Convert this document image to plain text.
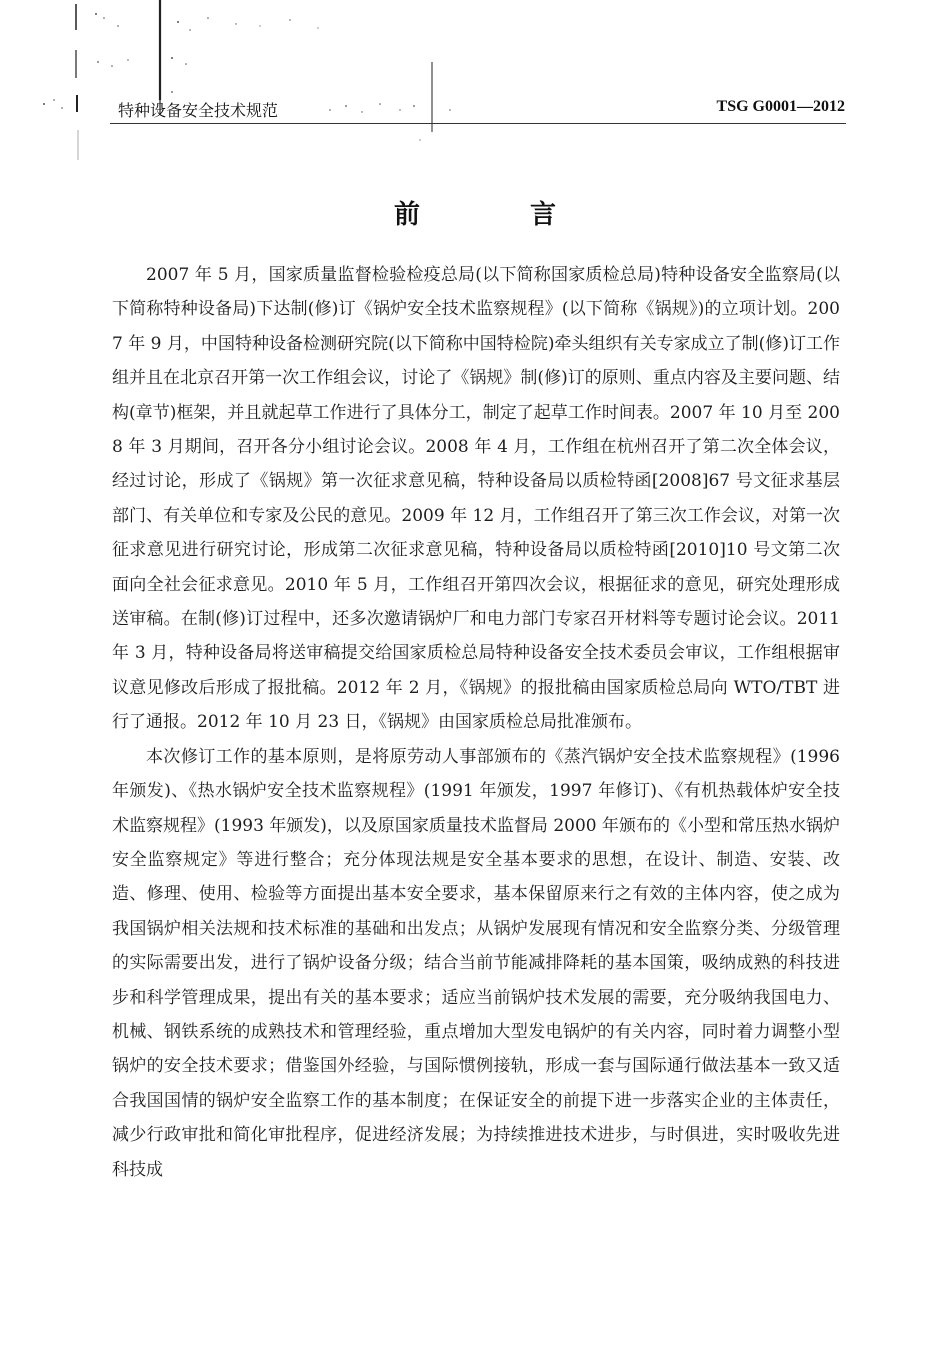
特种设备安全技术规范	TSG G0001—2012
前　言

2007 年 5 月，国家质量监督检验检疫总局(以下简称国家质检总局)特种设备安全监察局(以下简称特种设备局)下达制(修)订《锅炉安全技术监察规程》(以下简称《锅规》)的立项计划。2007 年 9 月，中国特种设备检测研究院(以下简称中国特检院)牵头组织有关专家成立了制(修)订工作组并且在北京召开第一次工作组会议，讨论了《锅规》制(修)订的原则、重点内容及主要问题、结构(章节)框架，并且就起草工作进行了具体分工，制定了起草工作时间表。2007 年 10 月至 2008 年 3 月期间，召开各分小组讨论会议。2008 年 4 月，工作组在杭州召开了第二次全体会议，经过讨论，形成了《锅规》第一次征求意见稿，特种设备局以质检特函[2008]67 号文征求基层部门、有关单位和专家及公民的意见。2009 年 12 月，工作组召开了第三次工作会议，对第一次征求意见进行研究讨论，形成第二次征求意见稿，特种设备局以质检特函[2010]10 号文第二次面向全社会征求意见。2010 年 5 月，工作组召开第四次会议，根据征求的意见，研究处理形成送审稿。在制(修)订过程中，还多次邀请锅炉厂和电力部门专家召开材料等专题讨论会议。2011 年 3 月，特种设备局将送审稿提交给国家质检总局特种设备安全技术委员会审议，工作组根据审议意见修改后形成了报批稿。2012 年 2 月，《锅规》的报批稿由国家质检总局向 WTO/TBT 进行了通报。2012 年 10 月 23 日，《锅规》由国家质检总局批准颁布。

本次修订工作的基本原则，是将原劳动人事部颁布的《蒸汽锅炉安全技术监察规程》(1996 年颁发)、《热水锅炉安全技术监察规程》(1991 年颁发，1997 年修订)、《有机热载体炉安全技术监察规程》(1993 年颁发)，以及原国家质量技术监督局 2000 年颁布的《小型和常压热水锅炉安全监察规定》等进行整合；充分体现法规是安全基本要求的思想，在设计、制造、安装、改造、修理、使用、检验等方面提出基本安全要求，基本保留原来行之有效的主体内容，使之成为我国锅炉相关法规和技术标准的基础和出发点；从锅炉发展现有情况和安全监察分类、分级管理的实际需要出发，进行了锅炉设备分级；结合当前节能减排降耗的基本国策，吸纳成熟的科技进步和科学管理成果，提出有关的基本要求；适应当前锅炉技术发展的需要，充分吸纳我国电力、机械、钢铁系统的成熟技术和管理经验，重点增加大型发电锅炉的有关内容，同时着力调整小型锅炉的安全技术要求；借鉴国外经验，与国际惯例接轨，形成一套与国际通行做法基本一致又适合我国国情的锅炉安全监察工作的基本制度；在保证安全的前提下进一步落实企业的主体责任，减少行政审批和简化审批程序，促进经济发展；为持续推进技术进步，与时俱进，实时吸收先进科技成
